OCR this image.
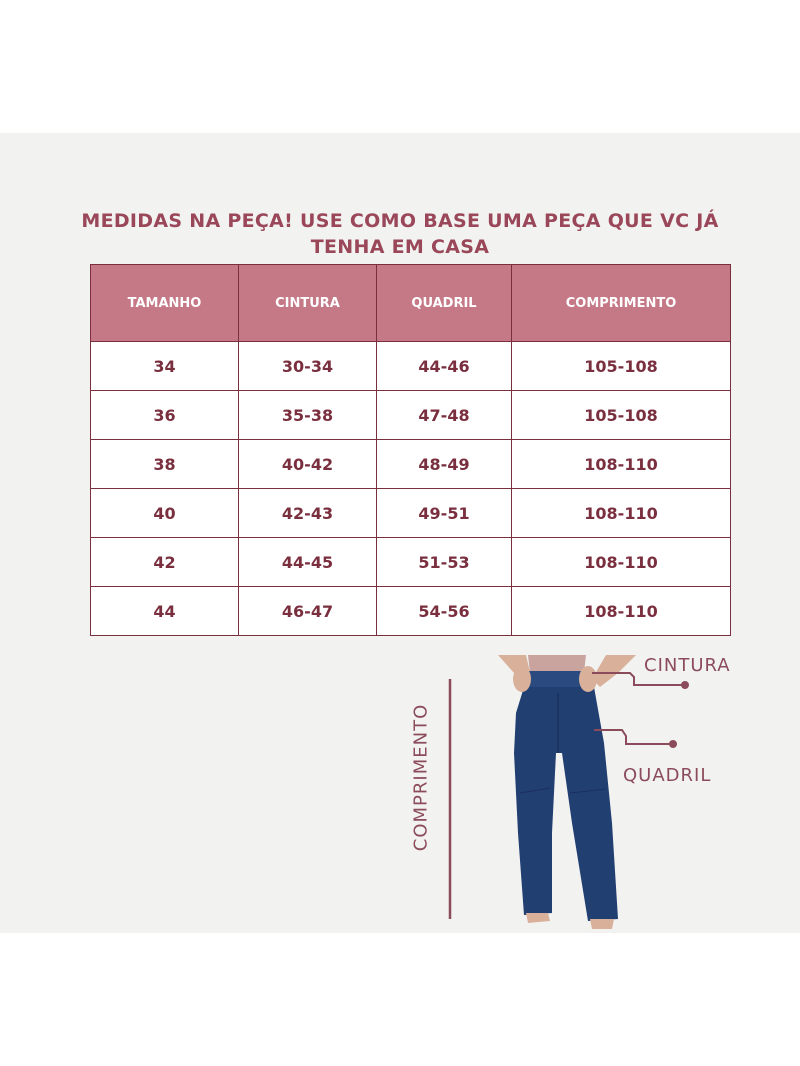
MEDIDAS NA PEÇA! USE COMO BASE UMA PEÇA QUE VC JÁ TENHA EM CASA
TAMANHO	CINTURA	QUADRIL	COMPRIMENTO
34	30-34	44-46	105-108
36	35-38	47-48	105-108
38	40-42	48-49	108-110
40	42-43	49-51	108-110
42	44-45	51-53	108-110
44	46-47	54-56	108-110
CINTURA
QUADRIL
COMPRIMENTO
